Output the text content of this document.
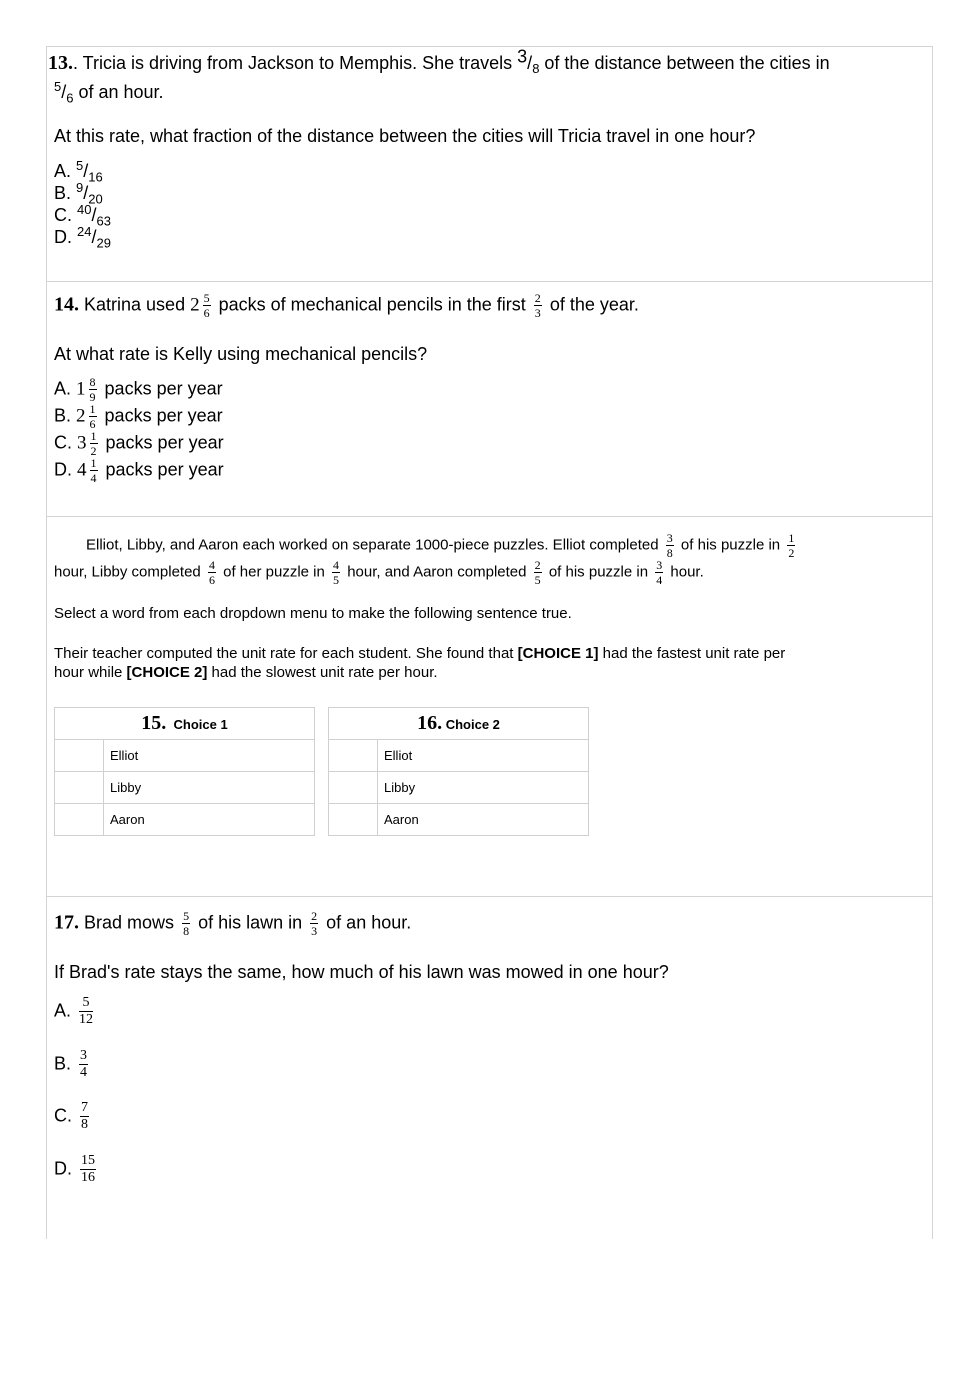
13.. Tricia is driving from Jackson to Memphis. She travels $^3/_8$ of the distance between the cities in
$^5/_6$ of an hour.
At this rate, what fraction of the distance between the cities will Tricia travel in one hour?
A. $^5/_{16}$
B. $^9/_{20}$
C. $^{40}/_{63}$
D. $^{24}/_{29}$
14. Katrina used $2 \frac{5}{6}$ packs of mechanical pencils in the first $\frac{2}{3}$ of the year.
At what rate is Kelly using mechanical pencils?
A. $1 \frac{8}{9}$ packs per year
B. $2 \frac{1}{6}$ packs per year
C. $3 \frac{1}{2}$ packs per year
D. $4 \frac{1}{4}$ packs per year
Elliot, Libby, and Aaron each worked on separate 1000-piece puzzles. Elliot completed $\frac{3}{8}$ of his puzzle in $\frac{1}{2}$
hour, Libby completed $\frac{4}{6}$ of her puzzle in $\frac{4}{5}$ hour, and Aaron completed $\frac{2}{5}$ of his puzzle in $\frac{3}{4}$ hour.
Select a word from each dropdown menu to make the following sentence true.
Their teacher computed the unit rate for each student. She found that [CHOICE 1] had the fastest unit rate per
hour while [CHOICE 2] had the slowest unit rate per hour.
15. Choice 1	
	Elliot
	Libby
	Aaron
16. Choice 2	
	Elliot
	Libby
	Aaron
17. Brad mows $\frac{5}{8}$ of his lawn in $\frac{2}{3}$ of an hour.
If Brad's rate stays the same, how much of his lawn was mowed in one hour?
A. $\frac{5}{12}$
B. $\frac{3}{4}$
C. $\frac{7}{8}$
D. $\frac{15}{16}$
